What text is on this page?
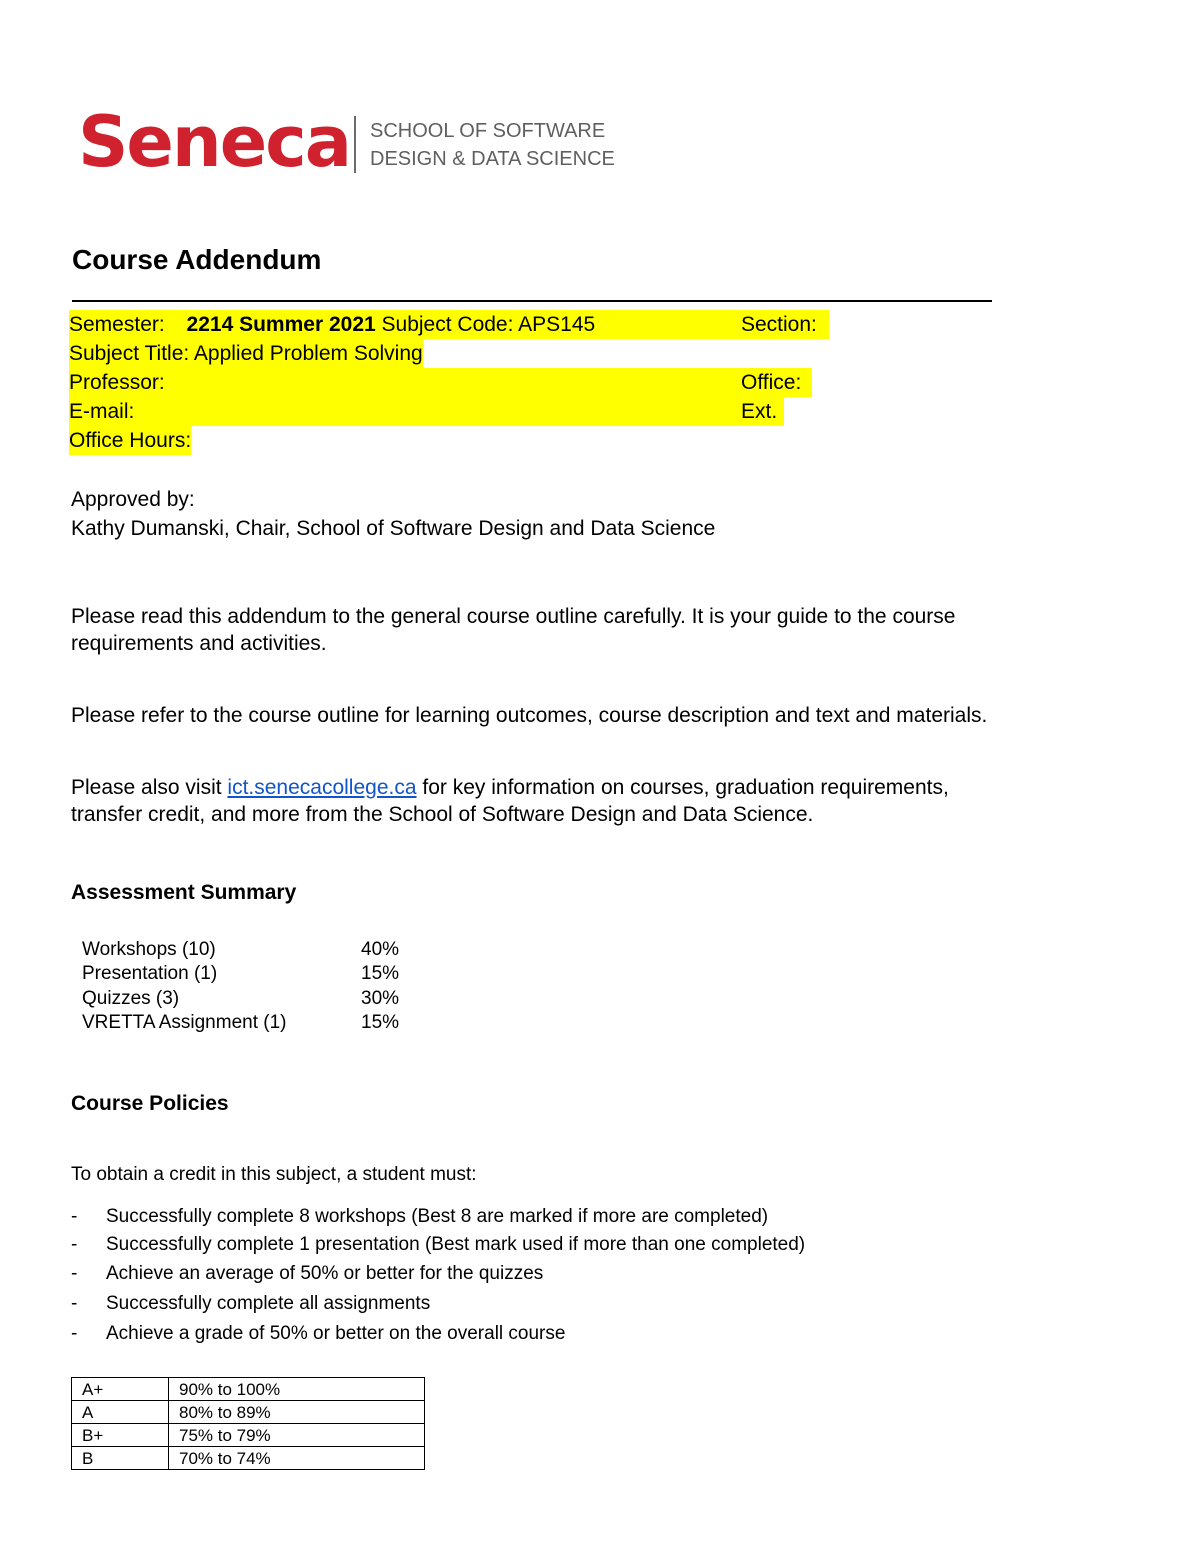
Seneca SCHOOL OF SOFTWARE
DESIGN & DATA SCIENCE
Course Addendum
Semester: 2214 Summer 2021 Subject Code: APS145	Section:
Subject Title: Applied Problem Solving
Professor:	Office:
E-mail:	Ext.
Office Hours:
Approved by:
Kathy Dumanski, Chair, School of Software Design and Data Science
Please read this addendum to the general course outline carefully. It is your guide to the course
requirements and activities.
Please refer to the course outline for learning outcomes, course description and text and materials.
Please also visit ict.senecacollege.ca for key information on courses, graduation requirements,
transfer credit, and more from the School of Software Design and Data Science.
Assessment Summary
Workshops (10)	40%
Presentation (1)	15%
Quizzes (3)	30%
VRETTA Assignment (1)	15%
Course Policies
To obtain a credit in this subject, a student must:
- Successfully complete 8 workshops (Best 8 are marked if more are completed)
- Successfully complete 1 presentation (Best mark used if more than one completed)
- Achieve an average of 50% or better for the quizzes
- Successfully complete all assignments
- Achieve a grade of 50% or better on the overall course
A+	90% to 100%
A	80% to 89%
B+	75% to 79%
B	70% to 74%
